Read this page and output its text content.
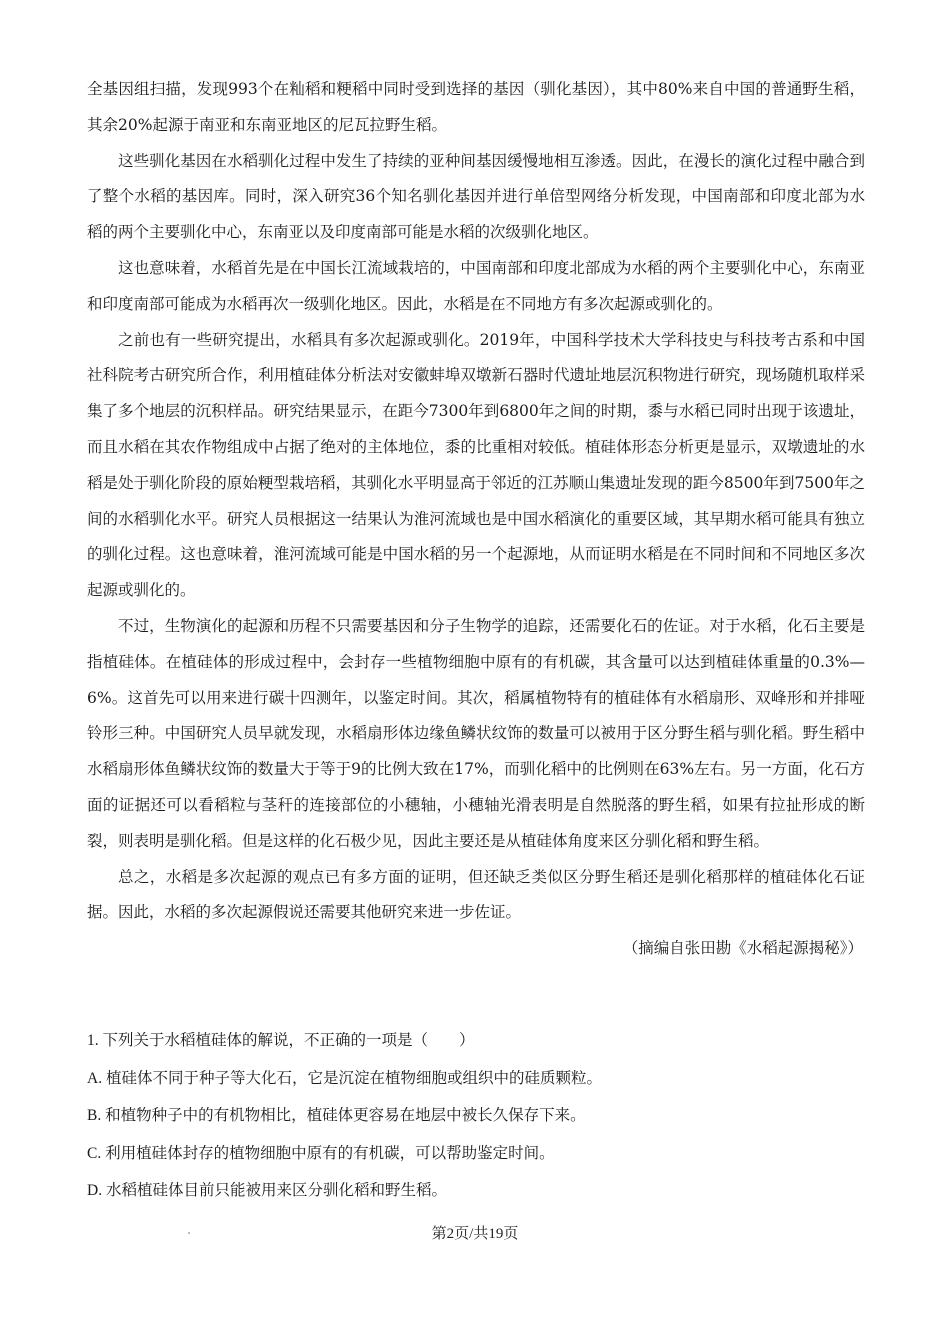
全基因组扫描，发现993个在籼稻和粳稻中同时受到选择的基因（驯化基因），其中80%来自中国的普通野生稻，其余20%起源于南亚和东南亚地区的尼瓦拉野生稻。

这些驯化基因在水稻驯化过程中发生了持续的亚种间基因缓慢地相互渗透。因此，在漫长的演化过程中融合到了整个水稻的基因库。同时，深入研究36个知名驯化基因并进行单倍型网络分析发现，中国南部和印度北部为水稻的两个主要驯化中心，东南亚以及印度南部可能是水稻的次级驯化地区。

这也意味着，水稻首先是在中国长江流域栽培的，中国南部和印度北部成为水稻的两个主要驯化中心，东南亚和印度南部可能成为水稻再次一级驯化地区。因此，水稻是在不同地方有多次起源或驯化的。

之前也有一些研究提出，水稻具有多次起源或驯化。2019年，中国科学技术大学科技史与科技考古系和中国社科院考古研究所合作，利用植硅体分析法对安徽蚌埠双墩新石器时代遗址地层沉积物进行研究，现场随机取样采集了多个地层的沉积样品。研究结果显示，在距今7300年到6800年之间的时期，黍与水稻已同时出现于该遗址，而且水稻在其农作物组成中占据了绝对的主体地位，黍的比重相对较低。植硅体形态分析更是显示，双墩遗址的水稻是处于驯化阶段的原始粳型栽培稻，其驯化水平明显高于邻近的江苏顺山集遗址发现的距今8500年到7500年之间的水稻驯化水平。研究人员根据这一结果认为淮河流域也是中国水稻演化的重要区域，其早期水稻可能具有独立的驯化过程。这也意味着，淮河流域可能是中国水稻的另一个起源地，从而证明水稻是在不同时间和不同地区多次起源或驯化的。

不过，生物演化的起源和历程不只需要基因和分子生物学的追踪，还需要化石的佐证。对于水稻，化石主要是指植硅体。在植硅体的形成过程中，会封存一些植物细胞中原有的有机碳，其含量可以达到植硅体重量的0.3%—6%。这首先可以用来进行碳十四测年，以鉴定时间。其次，稻属植物特有的植硅体有水稻扇形、双峰形和并排哑铃形三种。中国研究人员早就发现，水稻扇形体边缘鱼鳞状纹饰的数量可以被用于区分野生稻与驯化稻。野生稻中水稻扇形体鱼鳞状纹饰的数量大于等于9的比例大致在17%，而驯化稻中的比例则在63%左右。另一方面，化石方面的证据还可以看稻粒与茎秆的连接部位的小穗轴，小穗轴光滑表明是自然脱落的野生稻，如果有拉扯形成的断裂，则表明是驯化稻。但是这样的化石极少见，因此主要还是从植硅体角度来区分驯化稻和野生稻。

总之，水稻是多次起源的观点已有多方面的证明，但还缺乏类似区分野生稻还是驯化稻那样的植硅体化石证据。因此，水稻的多次起源假说还需要其他研究来进一步佐证。

（摘编自张田勘《水稻起源揭秘》）

1. 下列关于水稻植硅体的解说，不正确的一项是（　　）

A. 植硅体不同于种子等大化石，它是沉淀在植物细胞或组织中的硅质颗粒。

B. 和植物种子中的有机物相比，植硅体更容易在地层中被长久保存下来。

C. 利用植硅体封存的植物细胞中原有的有机碳，可以帮助鉴定时间。

D. 水稻植硅体目前只能被用来区分驯化稻和野生稻。

第2页/共19页
